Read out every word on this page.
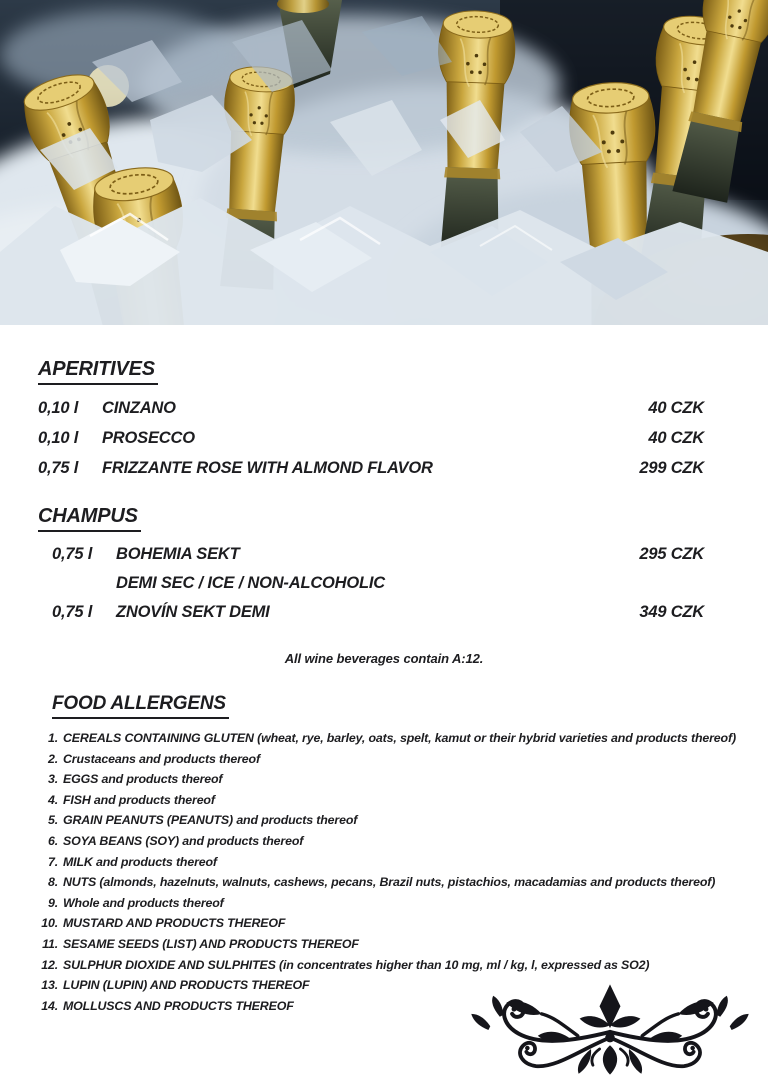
APERITIVES
0,10 l	CINZANO	40 CZK
0,10 l	PROSECCO	40 CZK
0,75 l	FRIZZANTE ROSE WITH ALMOND FLAVOR	299 CZK
CHAMPUS
0,75 l	BOHEMIA SEKT	295 CZK
DEMI SEC / ICE / NON-ALCOHOLIC
0,75 l	ZNOVÍN SEKT DEMI	349 CZK
All wine beverages contain A:12.
FOOD ALLERGENS
1. CEREALS CONTAINING GLUTEN (wheat, rye, barley, oats, spelt, kamut or their hybrid varieties and products thereof)
2. Crustaceans and products thereof
3. EGGS and products thereof
4. FISH and products thereof
5. GRAIN PEANUTS (PEANUTS) and products thereof
6. SOYA BEANS (SOY) and products thereof
7. MILK and products thereof
8. NUTS (almonds, hazelnuts, walnuts, cashews, pecans, Brazil nuts, pistachios, macadamias and products thereof)
9. Whole and products thereof
10. MUSTARD AND PRODUCTS THEREOF
11. SESAME SEEDS (LIST) AND PRODUCTS THEREOF
12. SULPHUR DIOXIDE AND SULPHITES (in concentrates higher than 10 mg, ml / kg, l, expressed as SO2)
13. LUPIN (LUPIN) AND PRODUCTS THEREOF
14. MOLLUSCS AND PRODUCTS THEREOF
